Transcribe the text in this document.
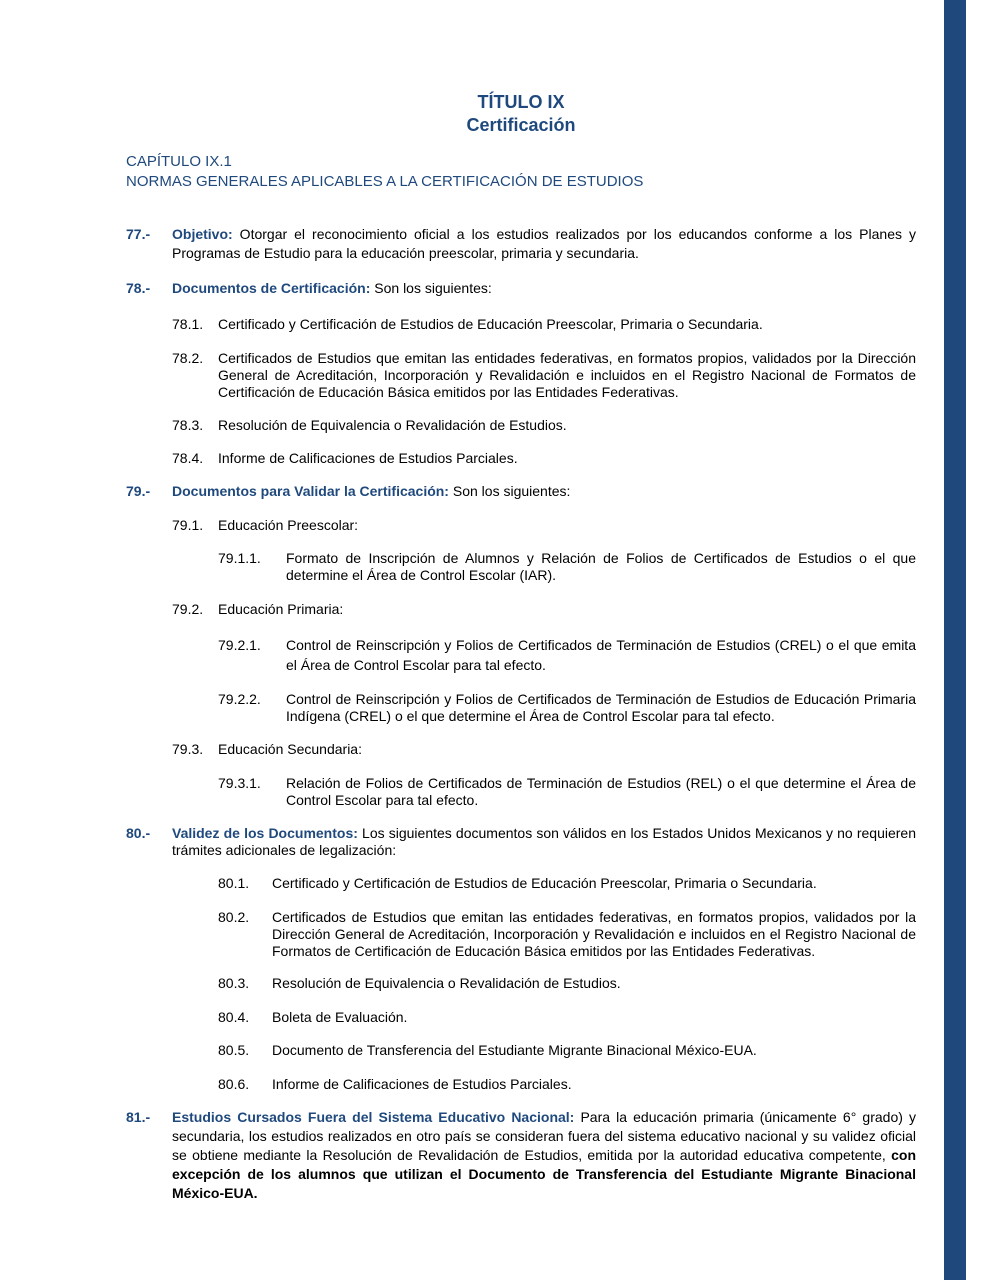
TÍTULO IX
Certificación
CAPÍTULO IX.1
NORMAS GENERALES APLICABLES A LA CERTIFICACIÓN DE ESTUDIOS
77.- Objetivo: Otorgar el reconocimiento oficial a los estudios realizados por los educandos conforme a los Planes y Programas de Estudio para la educación preescolar, primaria y secundaria.
78.- Documentos de Certificación: Son los siguientes:
78.1. Certificado y Certificación de Estudios de Educación Preescolar, Primaria o Secundaria.
78.2. Certificados de Estudios que emitan las entidades federativas, en formatos propios, validados por la Dirección General de Acreditación, Incorporación y Revalidación e incluidos en el Registro Nacional de Formatos de Certificación de Educación Básica emitidos por las Entidades Federativas.
78.3. Resolución de Equivalencia o Revalidación de Estudios.
78.4. Informe de Calificaciones de Estudios Parciales.
79.- Documentos para Validar la Certificación: Son los siguientes:
79.1. Educación Preescolar:
79.1.1. Formato de Inscripción de Alumnos y Relación de Folios de Certificados de Estudios o el que determine el Área de Control Escolar (IAR).
79.2. Educación Primaria:
79.2.1. Control de Reinscripción y Folios de Certificados de Terminación de Estudios (CREL) o el que emita el Área de Control Escolar para tal efecto.
79.2.2. Control de Reinscripción y Folios de Certificados de Terminación de Estudios de Educación Primaria Indígena (CREL) o el que determine el Área de Control Escolar para tal efecto.
79.3. Educación Secundaria:
79.3.1. Relación de Folios de Certificados de Terminación de Estudios (REL) o el que determine el Área de Control Escolar para tal efecto.
80.- Validez de los Documentos: Los siguientes documentos son válidos en los Estados Unidos Mexicanos y no requieren trámites adicionales de legalización:
80.1. Certificado y Certificación de Estudios de Educación Preescolar, Primaria o Secundaria.
80.2. Certificados de Estudios que emitan las entidades federativas, en formatos propios, validados por la Dirección General de Acreditación, Incorporación y Revalidación e incluidos en el Registro Nacional de Formatos de Certificación de Educación Básica emitidos por las Entidades Federativas.
80.3. Resolución de Equivalencia o Revalidación de Estudios.
80.4. Boleta de Evaluación.
80.5. Documento de Transferencia del Estudiante Migrante Binacional México-EUA.
80.6. Informe de Calificaciones de Estudios Parciales.
81.- Estudios Cursados Fuera del Sistema Educativo Nacional: Para la educación primaria (únicamente 6° grado) y secundaria, los estudios realizados en otro país se consideran fuera del sistema educativo nacional y su validez oficial se obtiene mediante la Resolución de Revalidación de Estudios, emitida por la autoridad educativa competente, con excepción de los alumnos que utilizan el Documento de Transferencia del Estudiante Migrante Binacional México-EUA.
